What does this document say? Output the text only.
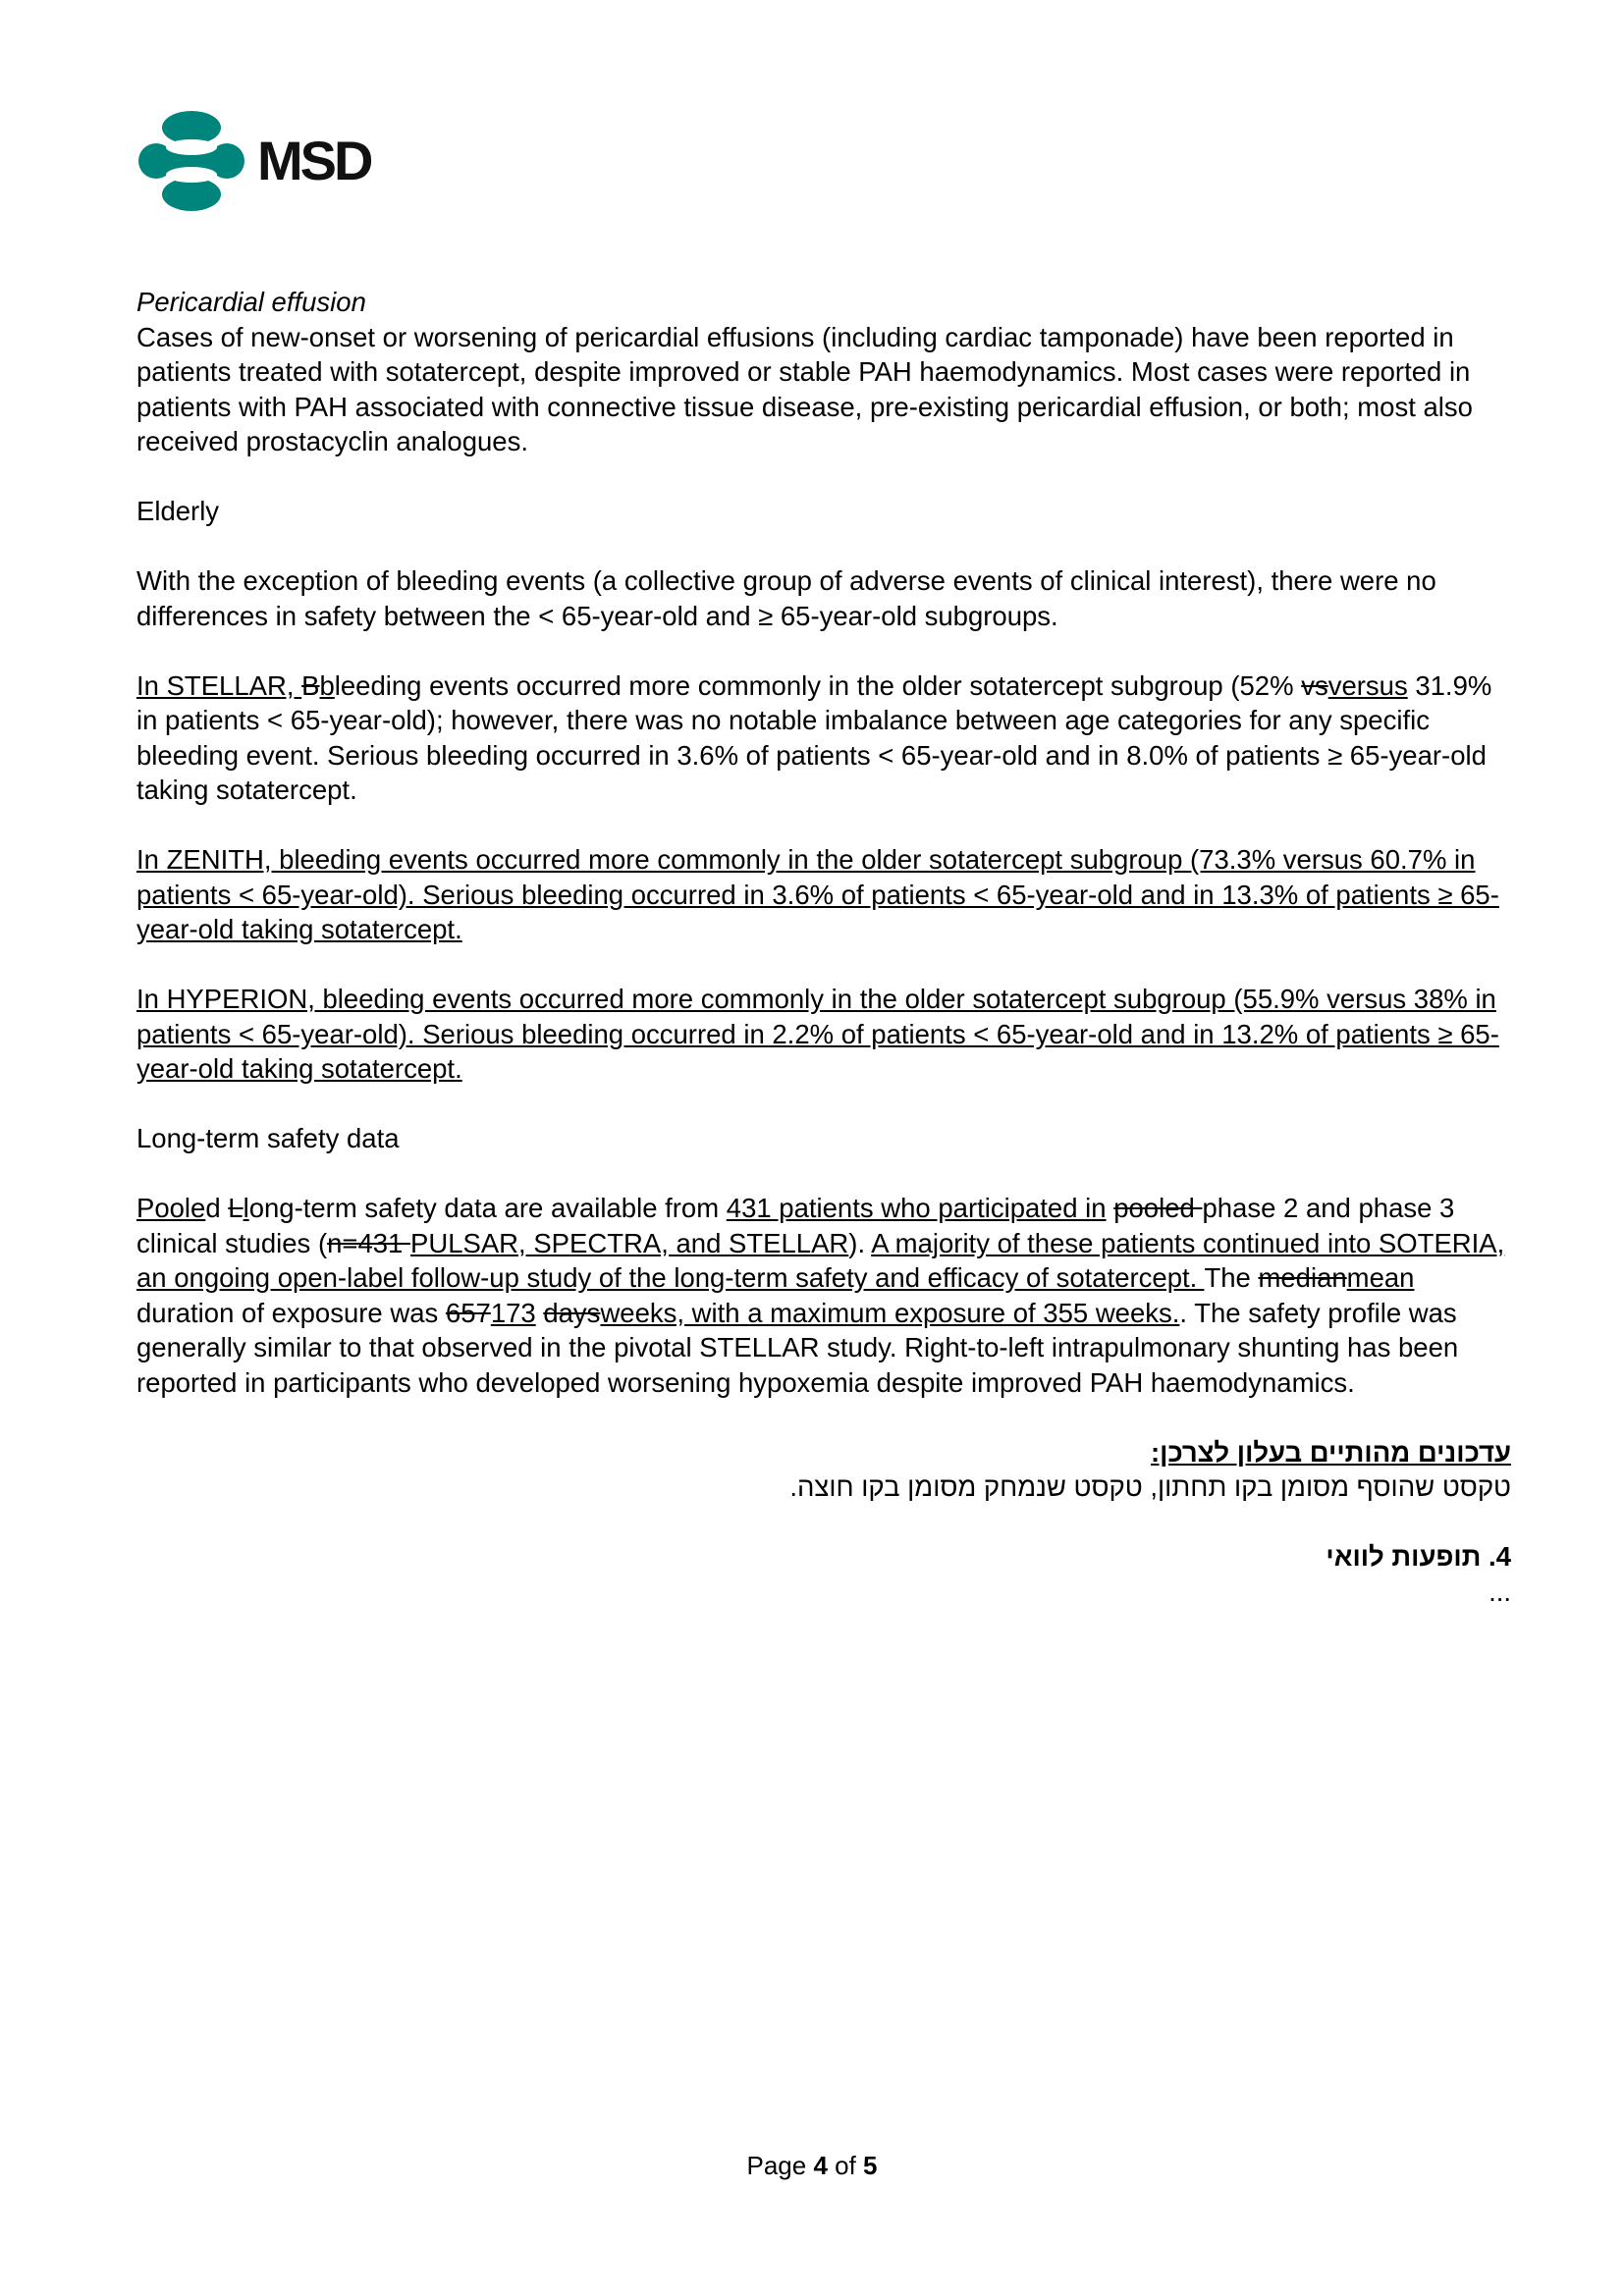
MSD

Pericardial effusion

Cases of new-onset or worsening of pericardial effusions (including cardiac tamponade) have been reported in patients treated with sotatercept, despite improved or stable PAH haemodynamics. Most cases were reported in patients with PAH associated with connective tissue disease, pre-existing pericardial effusion, or both; most also received prostacyclin analogues.

Elderly

With the exception of bleeding events (a collective group of adverse events of clinical interest), there were no differences in safety between the < 65-year-old and ≥ 65-year-old subgroups.

In STELLAR, Bbleeding events occurred more commonly in the older sotatercept subgroup (52% vsversus 31.9% in patients < 65-year-old); however, there was no notable imbalance between age categories for any specific bleeding event. Serious bleeding occurred in 3.6% of patients < 65-year-old and in 8.0% of patients ≥ 65-year-old taking sotatercept.

In ZENITH, bleeding events occurred more commonly in the older sotatercept subgroup (73.3% versus 60.7% in patients < 65-year-old). Serious bleeding occurred in 3.6% of patients < 65-year-old and in 13.3% of patients ≥ 65-year-old taking sotatercept.

In HYPERION, bleeding events occurred more commonly in the older sotatercept subgroup (55.9% versus 38% in patients < 65-year-old). Serious bleeding occurred in 2.2% of patients < 65-year-old and in 13.2% of patients ≥ 65-year-old taking sotatercept.

Long-term safety data

Pooled Llong-term safety data are available from 431 patients who participated in pooled phase 2 and phase 3 clinical studies (n=431 PULSAR, SPECTRA, and STELLAR). A majority of these patients continued into SOTERIA, an ongoing open-label follow-up study of the long-term safety and efficacy of sotatercept. The medianmean duration of exposure was 657173 daysweeks, with a maximum exposure of 355 weeks.. The safety profile was generally similar to that observed in the pivotal STELLAR study. Right-to-left intrapulmonary shunting has been reported in participants who developed worsening hypoxemia despite improved PAH haemodynamics.

עדכונים מהותיים בעלון לצרכן:

טקסט שהוסף מסומן בקו תחתון, טקסט שנמחק מסומן בקו חוצה.

4. תופעות לוואי

...

Page 4 of 5
